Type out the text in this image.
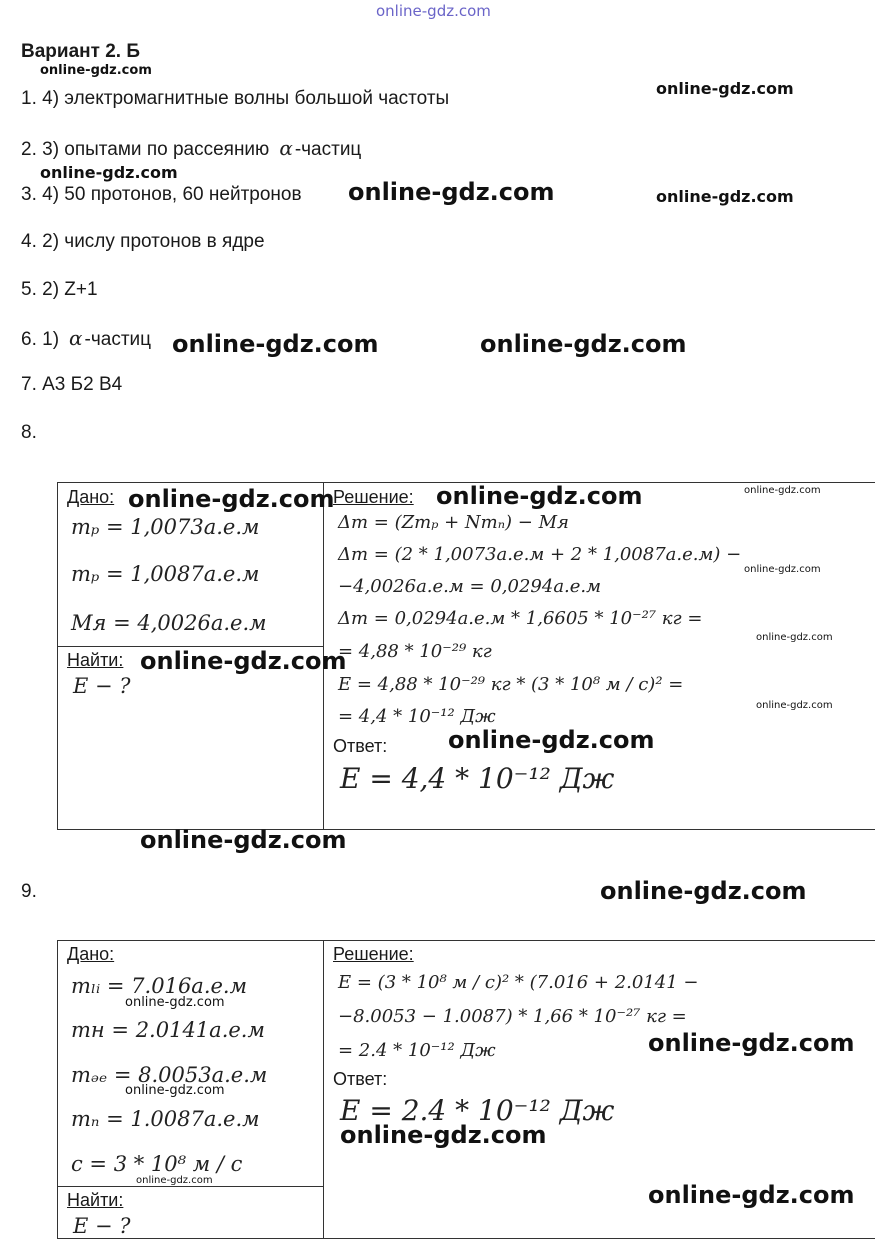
online-gdz.com
Вариант 2. Б
online-gdz.com
online-gdz.com
1. 4) электромагнитные волны большой частоты
2. 3) опытами по рассеянию α -частиц
online-gdz.com
3. 4) 50 протонов, 60 нейтронов online-gdz.com	online-gdz.com
4. 2) числу протонов в ядре
5. 2) Z+1
6. 1) α -частиц online-gdz.com	online-gdz.com
7. А3 Б2 В4
8.
Дано: online-gdz.com
mₚ = 1,0073а.е.м
mₚ = 1,0087а.е.м
Mя = 4,0026а.е.м
Найти: online-gdz.com
E − ?
Решение: online-gdz.com	online-gdz.com
Δm = (Zmₚ + Nmₙ) − Mя
Δm = (2 * 1,0073а.е.м + 2 * 1,0087а.е.м) −
−4,0026а.е.м = 0,0294а.е.м
online-gdz.com
Δm = 0,0294а.е.м * 1,6605 * 10⁻²⁷ кг =
online-gdz.com
= 4,88 * 10⁻²⁹ кг
E = 4,88 * 10⁻²⁹ кг * (3 * 10⁸ м / с)² =
online-gdz.com
= 4,4 * 10⁻¹² Дж
Ответ:	online-gdz.com
E = 4,4 * 10⁻¹² Дж
online-gdz.com
9.	online-gdz.com
Дано:
mₗᵢ = 7.016а.е.м
online-gdz.com
mн = 2.0141а.е.м
mₔₑ = 8.0053а.е.м
online-gdz.com
mₙ = 1.0087а.е.м
c = 3 * 10⁸ м / с
online-gdz.com
Найти:
E − ?
Решение:
E = (3 * 10⁸ м / с)² * (7.016 + 2.0141 −
−8.0053 − 1.0087) * 1,66 * 10⁻²⁷ кг =
= 2.4 * 10⁻¹² Дж	online-gdz.com
Ответ:
E = 2.4 * 10⁻¹² Дж
online-gdz.com
online-gdz.com
